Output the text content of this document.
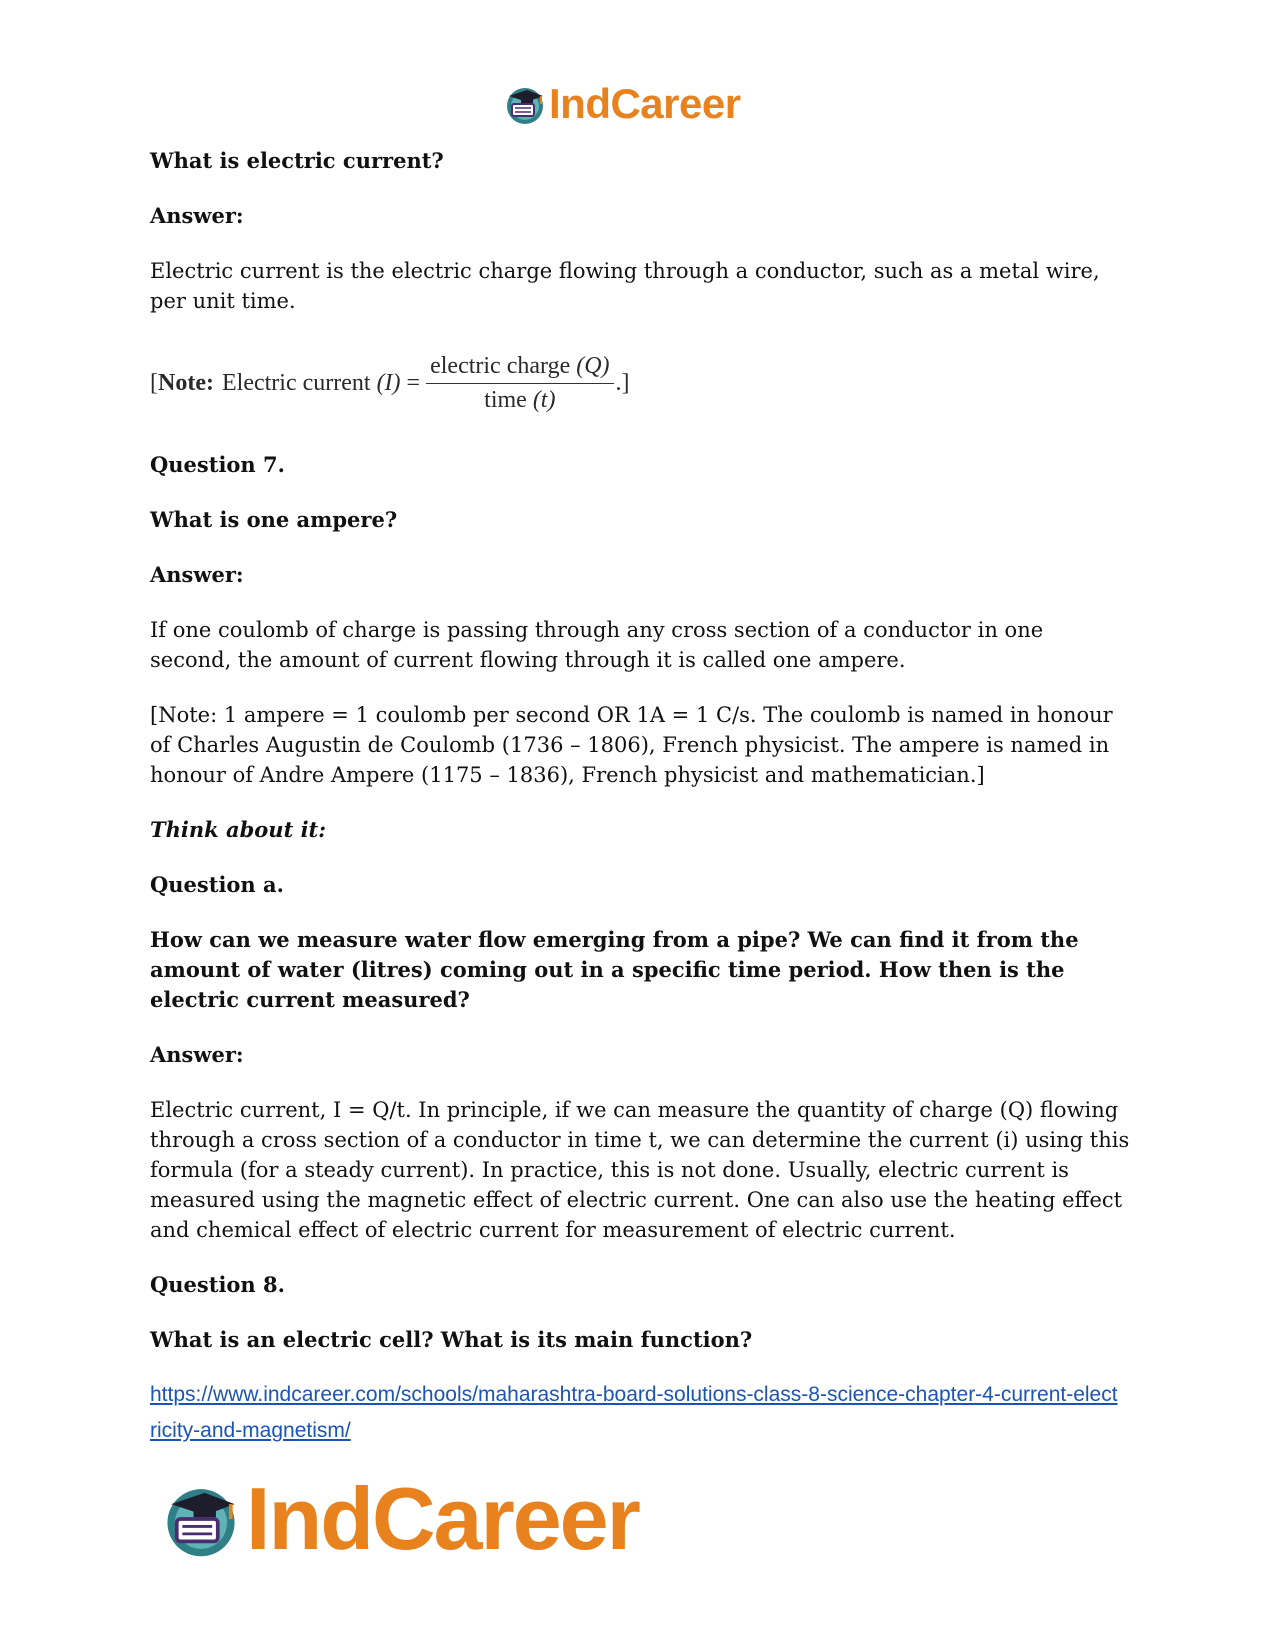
IndCareer

What is electric current?

Answer:

Electric current is the electric charge flowing through a conductor, such as a metal wire, per unit time.

[ Note : Electric current $(I) = \frac{\text{electric charge (Q)}}{\text{time (t)}}$ .]

Question 7.

What is one ampere?

Answer:

If one coulomb of charge is passing through any cross section of a conductor in one second, the amount of current flowing through it is called one ampere.

[Note: 1 ampere = 1 coulomb per second OR 1A = 1 C/s. The coulomb is named in honour of Charles Augustin de Coulomb (1736 – 1806), French physicist. The ampere is named in honour of Andre Ampere (1175 – 1836), French physicist and mathematician.]

Think about it:

Question a.

How can we measure water flow emerging from a pipe? We can find it from the amount of water (litres) coming out in a specific time period. How then is the electric current measured?

Answer:

Electric current, I = Q/t. In principle, if we can measure the quantity of charge (Q) flowing through a cross section of a conductor in time t, we can determine the current (i) using this formula (for a steady current). In practice, this is not done. Usually, electric current is measured using the magnetic effect of electric current. One can also use the heating effect and chemical effect of electric current for measurement of electric current.

Question 8.

What is an electric cell? What is its main function?

https://www.indcareer.com/schools/maharashtra-board-solutions-class-8-science-chapter-4-current-electricity-and-magnetism/
IndCareer
